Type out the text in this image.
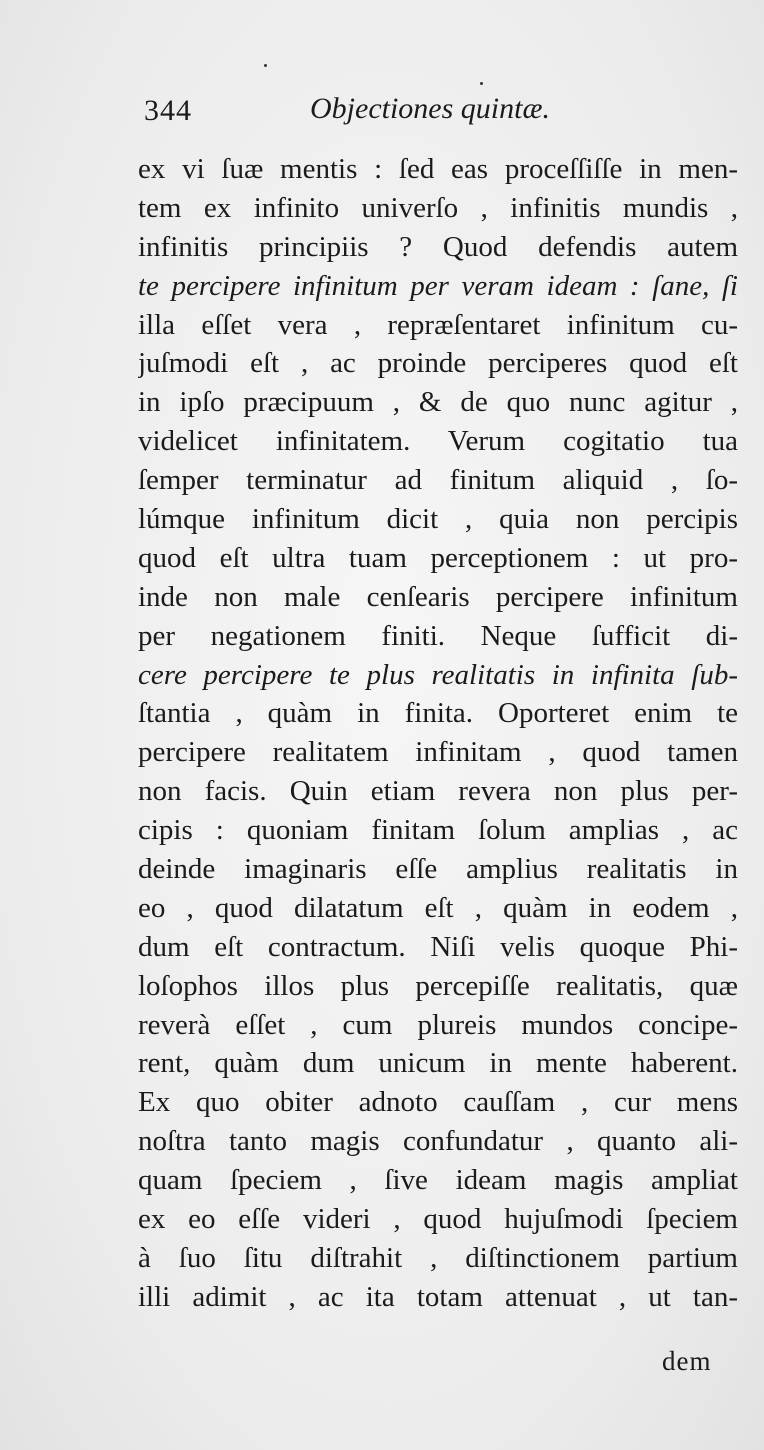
344	Objectiones quintæ.
ex vi ſuæ mentis : ſed eas proceſſiſſe in men-
tem ex infinito univerſo , infinitis mundis ,
infinitis principiis ? Quod defendis autem
te percipere infinitum per veram ideam : ſane, ſi
illa eſſet vera , repræſentaret infinitum cu-
juſmodi eſt , ac proinde perciperes quod eſt
in ipſo præcipuum , & de quo nunc agitur ,
videlicet infinitatem. Verum cogitatio tua
ſemper terminatur ad finitum aliquid , ſo-
lúmque infinitum dicit , quia non percipis
quod eſt ultra tuam perceptionem : ut pro-
inde non male cenſearis percipere infinitum
per negationem finiti. Neque ſufficit di-
cere percipere te plus realitatis in infinita ſub-
ſtantia , quàm in finita. Oporteret enim te
percipere realitatem infinitam , quod tamen
non facis. Quin etiam revera non plus per-
cipis : quoniam finitam ſolum amplias , ac
deinde imaginaris eſſe amplius realitatis in
eo , quod dilatatum eſt , quàm in eodem ,
dum eſt contractum. Niſi velis quoque Phi-
loſophos illos plus percepiſſe realitatis, quæ
reverà eſſet , cum plureis mundos concipe-
rent, quàm dum unicum in mente haberent.
Ex quo obiter adnoto cauſſam , cur mens
noſtra tanto magis confundatur , quanto ali-
quam ſpeciem , ſive ideam magis ampliat
ex eo eſſe videri , quod hujuſmodi ſpeciem
à ſuo ſitu diſtrahit , diſtinctionem partium
illi adimit , ac ita totam attenuat , ut tan-
dem
